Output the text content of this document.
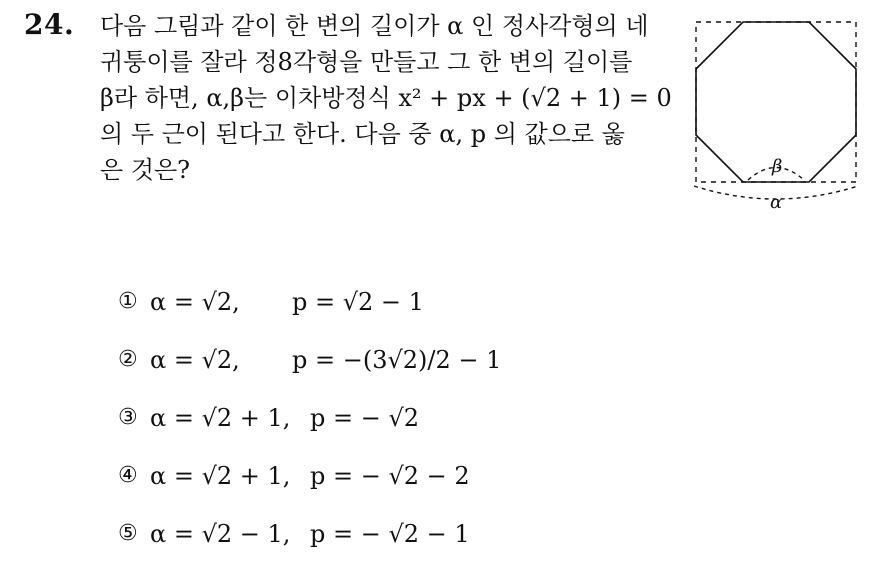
24. 다음 그림과 같이 한 변의 길이가 α 인 정사각형의 네
귀퉁이를 잘라 정8각형을 만들고 그 한 변의 길이를
β라 하면, α,β는 이차방정식 x² + px + (√2 + 1) = 0
의 두 근이 된다고 한다. 다음 중 α, p 의 값으로 옳
은 것은?	β
α
① α = √2, p = √2 − 1
② α = √2, p = −(3√2)/2 − 1
③ α = √2 + 1, p = − √2
④ α = √2 + 1, p = − √2 − 2
⑤ α = √2 − 1, p = − √2 − 1
